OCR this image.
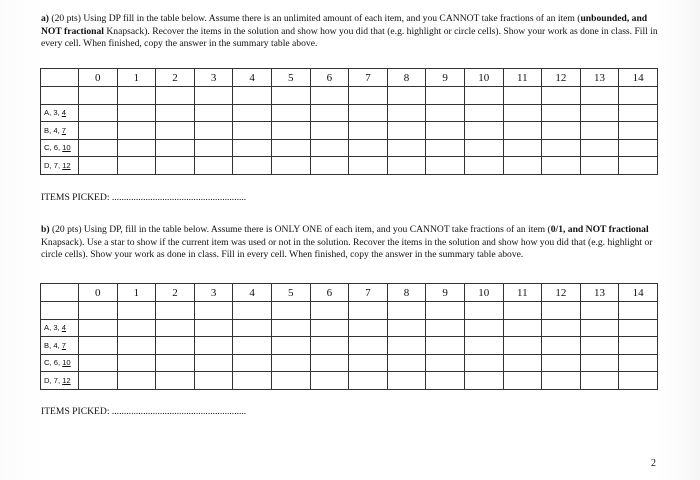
a) (20 pts) Using DP fill in the table below. Assume there is an unlimited amount of each item, and you CANNOT take fractions of an item (unbounded, and NOT fractional Knapsack). Recover the items in the solution and show how you did that (e.g. highlight or circle cells). Show your work as done in class. Fill in every cell. When finished, copy the answer in the summary table above.

	0	1	2	3	4	5	6	7	8	9	10	11	12	13	14

A, 3, 4															
B, 4, 7															
C, 6, 10															
D, 7, 12															
ITEMS PICKED: ........................................................

b) (20 pts) Using DP, fill in the table below. Assume there is ONLY ONE of each item, and you CANNOT take fractions of an item (0/1, and NOT fractional Knapsack). Use a star to show if the current item was used or not in the solution. Recover the items in the solution and show how you did that (e.g. highlight or circle cells). Show your work as done in class. Fill in every cell. When finished, copy the answer in the summary table above.

	0	1	2	3	4	5	6	7	8	9	10	11	12	13	14

A, 3, 4															
B, 4, 7															
C, 6, 10															
D, 7, 12															
ITEMS PICKED: ........................................................
2
